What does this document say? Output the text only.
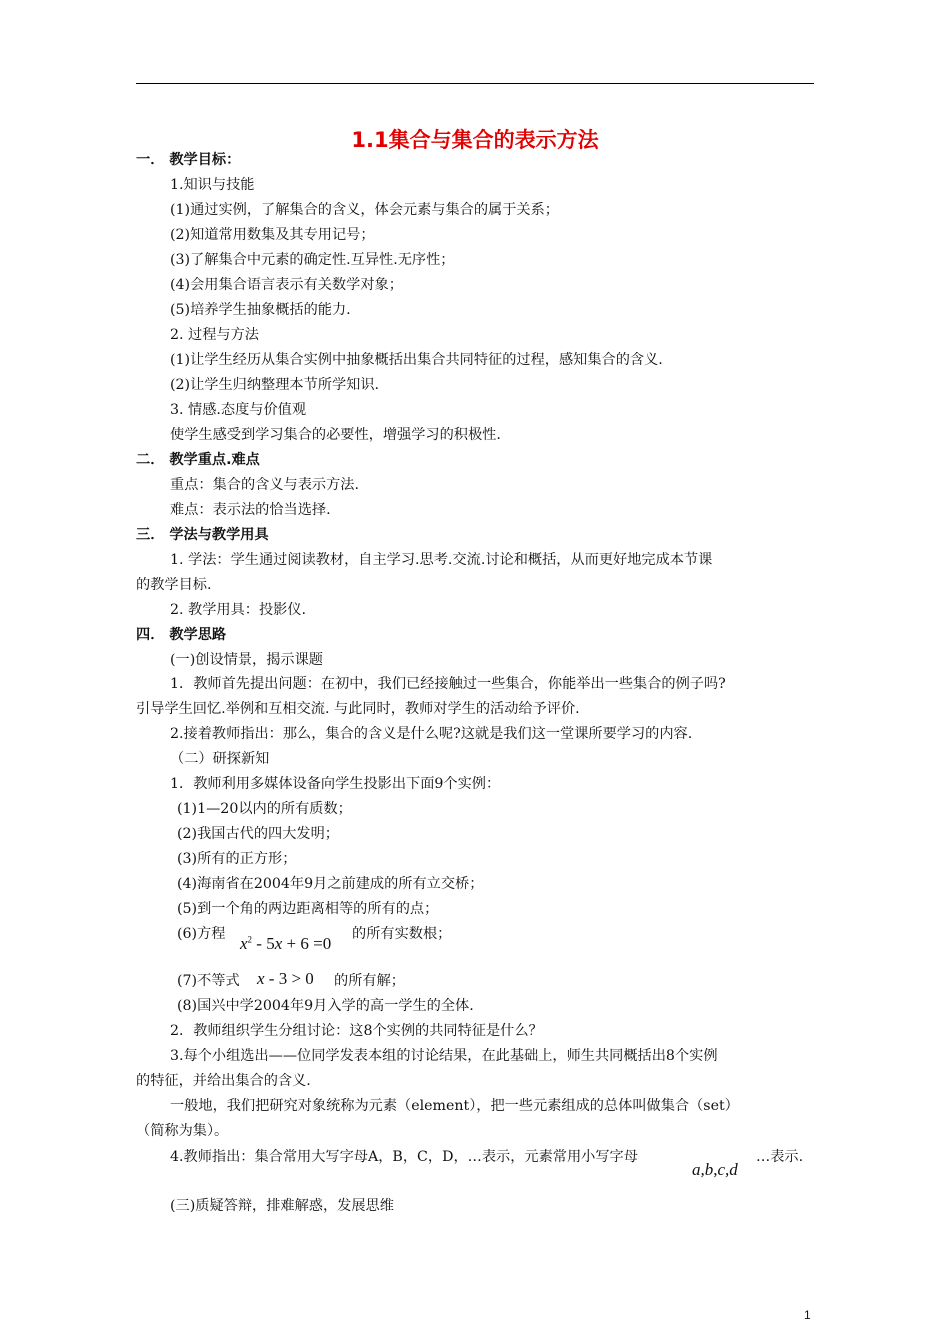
1.1集合与集合的表示方法
一． 教学目标：
1.知识与技能
(1)通过实例，了解集合的含义，体会元素与集合的属于关系；
(2)知道常用数集及其专用记号；
(3)了解集合中元素的确定性.互异性.无序性；
(4)会用集合语言表示有关数学对象；
(5)培养学生抽象概括的能力.
2. 过程与方法
(1)让学生经历从集合实例中抽象概括出集合共同特征的过程，感知集合的含义.
(2)让学生归纳整理本节所学知识.
3. 情感.态度与价值观
使学生感受到学习集合的必要性，增强学习的积极性.
二． 教学重点.难点
重点：集合的含义与表示方法.
难点：表示法的恰当选择.
三． 学法与教学用具
1. 学法：学生通过阅读教材，自主学习.思考.交流.讨论和概括，从而更好地完成本节课
的教学目标.
2. 教学用具：投影仪.
四． 教学思路
(一)创设情景，揭示课题
1．教师首先提出问题：在初中，我们已经接触过一些集合，你能举出一些集合的例子吗?
引导学生回忆.举例和互相交流. 与此同时，教师对学生的活动给予评价.
2.接着教师指出：那么，集合的含义是什么呢?这就是我们这一堂课所要学习的内容.
（二）研探新知
1．教师利用多媒体设备向学生投影出下面9个实例：
(1)1—20以内的所有质数；
(2)我国古代的四大发明；
(3)所有的正方形；
(4)海南省在2004年9月之前建成的所有立交桥；
(5)到一个角的两边距离相等的所有的点；
(6)方程 $x^2 - 5x + 6 =0$ 的所有实数根；
(7)不等式 x - 3 > 0 的所有解；
(8)国兴中学2004年9月入学的高一学生的全体.
2．教师组织学生分组讨论：这8个实例的共同特征是什么？
3.每个小组选出——位同学发表本组的讨论结果，在此基础上，师生共同概括出8个实例
的特征，并给出集合的含义.
一般地，我们把研究对象统称为元素（element），把一些元素组成的总体叫做集合（set）
（简称为集）。
4.教师指出：集合常用大写字母A，B，C，D，…表示，元素常用小写字母
a,b,c,d
…表示.
(三)质疑答辩，排难解惑，发展思维
1
